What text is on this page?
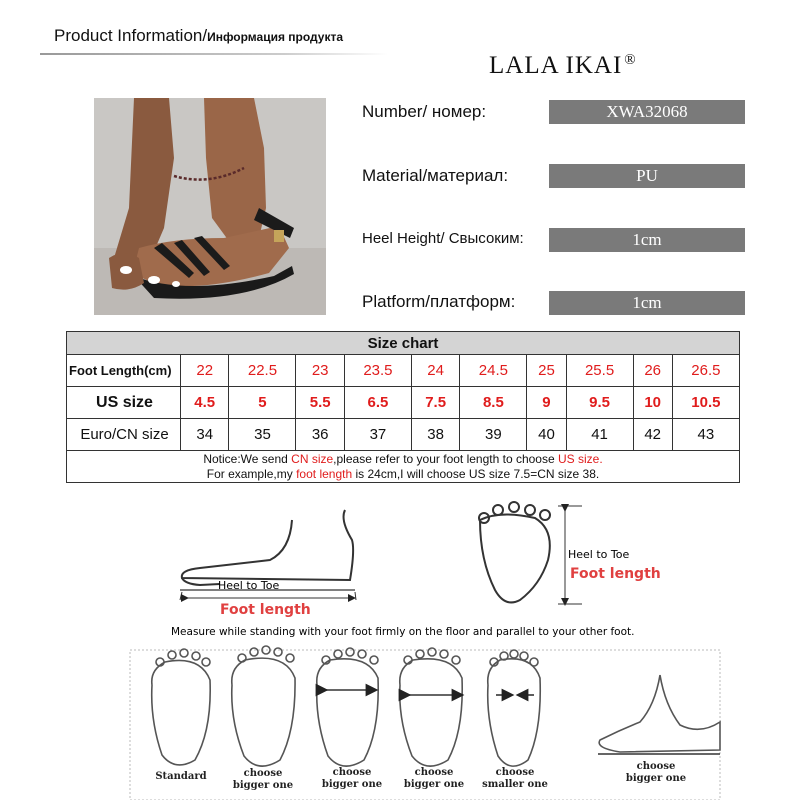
Product Information/Информация продукта
LALA IKAI ®
Number/ номер:	XWA32068
Material/материал:	PU
Heel Height/ Свысоким:	1cm
Platform/платформ:	1cm
Size chart										
Foot Length(cm)	22	22.5	23	23.5	24	24.5	25	25.5	26	26.5
US size	4.5	5	5.5	6.5	7.5	8.5	9	9.5	10	10.5
Euro/CN size	34	35	36	37	38	39	40	41	42	43
Notice:We send CN size,please refer to your foot length to choose US size.
For example,my foot length is 24cm,I will choose US size 7.5=CN size 38.										
Heel to Toe
Foot length
Heel to Toe
Foot length
Measure while standing with your foot firmly on the floor and parallel to your other foot.
Standard	choose
bigger one
choose
bigger one
choose
bigger one
choose
smaller one
choose
bigger one
